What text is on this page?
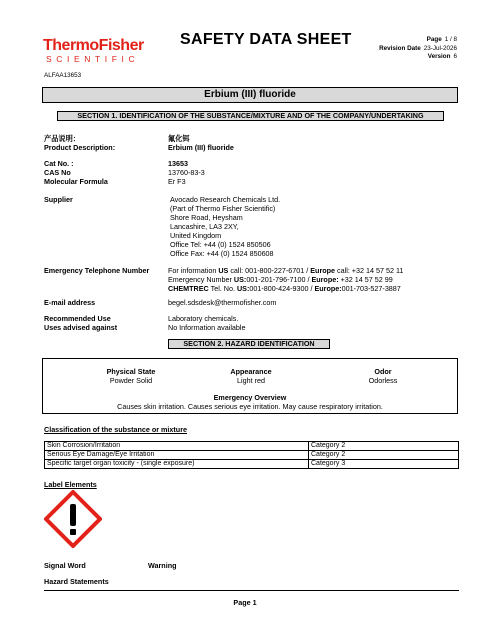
ThermoFisher
SCIENTIFIC
SAFETY DATA SHEET	Page 1 / 8
Revision Date 23-Jul-2026
Version 6
ALFAA13653
Erbium (III) fluoride
SECTION 1. IDENTIFICATION OF THE SUBSTANCE/MIXTURE AND OF THE COMPANY/UNDERTAKING
产品说明：	氟化铒
Product Description:	Erbium (III) fluoride
Cat No. :	13653
CAS No	13760-83-3
Molecular Formula	Er F3
Supplier	Avocado Research Chemicals Ltd.
(Part of Thermo Fisher Scientific)
Shore Road, Heysham
Lancashire, LA3 2XY,
United Kingdom
Office Tel: +44 (0) 1524 850506
Office Fax: +44 (0) 1524 850608
Emergency Telephone Number	For information US call: 001-800-227-6701 / Europe call: +32 14 57 52 11
Emergency Number US:001-201-796-7100 / Europe: +32 14 57 52 99
CHEMTREC Tel. No. US:001-800-424-9300 / Europe:001-703-527-3887
E-mail address	begel.sdsdesk@thermofisher.com
Recommended Use	Laboratory chemicals.
Uses advised against	No Information available
SECTION 2. HAZARD IDENTIFICATION
Physical State
Powder Solid
Appearance
Light red
Odor
Odorless
Emergency Overview
Causes skin irritation. Causes serious eye irritation. May cause respiratory irritation.
Classification of the substance or mixture
Skin Corrosion/Irritation	Category 2
Serious Eye Damage/Eye Irritation	Category 2
Specific target organ toxicity - (single exposure)	Category 3
Label Elements
Signal Word	Warning
Hazard Statements
Page 1
